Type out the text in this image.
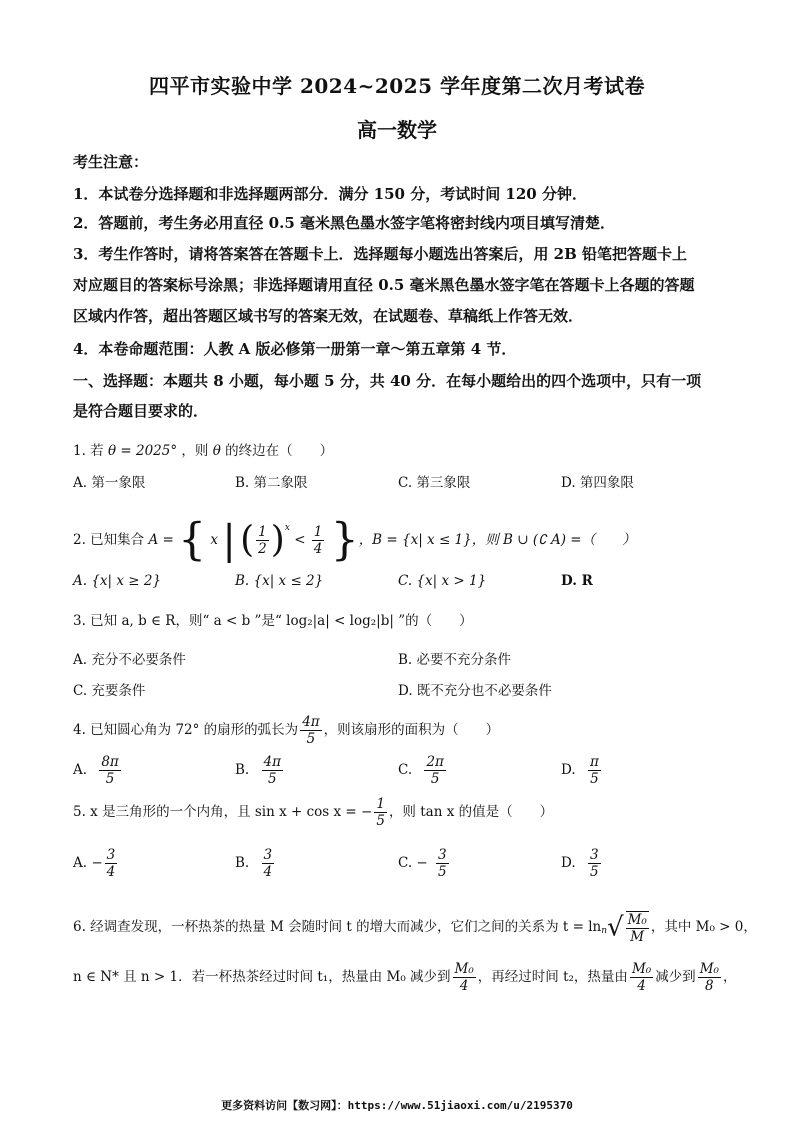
四平市实验中学 2024~2025 学年度第二次月考试卷
高一数学
考生注意：
1．本试卷分选择题和非选择题两部分．满分 150 分，考试时间 120 分钟．
2．答题前，考生务必用直径 0.5 毫米黑色墨水签字笔将密封线内项目填写清楚．
3．考生作答时，请将答案答在答题卡上．选择题每小题选出答案后，用 2B 铅笔把答题卡上
对应题目的答案标号涂黑；非选择题请用直径 0.5 毫米黑色墨水签字笔在答题卡上各题的答题
区域内作答，超出答题区域书写的答案无效，在试题卷、草稿纸上作答无效．
4．本卷命题范围：人教 A 版必修第一册第一章～第五章第 4 节．
一、选择题：本题共 8 小题，每小题 5 分，共 40 分．在每小题给出的四个选项中，只有一项
是符合题目要求的．
1. 若 θ = 2025° ，则 θ 的终边在（　　）
A. 第一象限	B. 第二象限	C. 第三象限	D. 第四象限
2. 已知集合 A = { x | ( $\frac{1}{2} )^x < \frac{1}{4}$ }，B = {x| x ≤ 1}，则 B ∪ (∁ A) =（　　）
A. {x| x ≥ 2}	B. {x| x ≤ 2}	C. {x| x > 1}	D. R
3. 已知 a, b ∈ R，则“ a < b ”是“ log₂|a| < log₂|b| ”的（　　）
A. 充分不必要条件	B. 必要不充分条件
C. 充要条件	D. 既不充分也不必要条件
4. 已知圆心角为 72° 的扇形的弧长为 $\frac{4\pi}{5}$ ，则该扇形的面积为（　　）
A. $\frac{8\pi}{5}$	B. $\frac{4\pi}{5}$	C. $\frac{2\pi}{5}$	D. $\frac{\pi}{5}$
5. x 是三角形的一个内角，且 sin x + cos x = − $\frac{1}{5}$ ，则 tan x 的值是（　　）
A. − $\frac{3}{4}$	B. $\frac{3}{4}$	C. − $\frac{3}{5}$	D. $\frac{3}{5}$
6. 经调查发现，一杯热茶的热量 M 会随时间 t 的增大而减少，它们之间的关系为 $t = \ln^n√ \frac{\text{M₀}}{M}$ ，其中 M₀ > 0，
n ∈ N* 且 n > 1．若一杯热茶经过时间 t₁，热量由 M₀ 减少到 $\frac{\text{M₀}}{4}$ ，再经过时间 t₂，热量由 $\frac{\text{M₀}}{4}$ 减少到 $\frac{\text{M₀}}{8}$ ，
更多资料访问【数习网】：https://www.51jiaoxi.com/u/2195370
